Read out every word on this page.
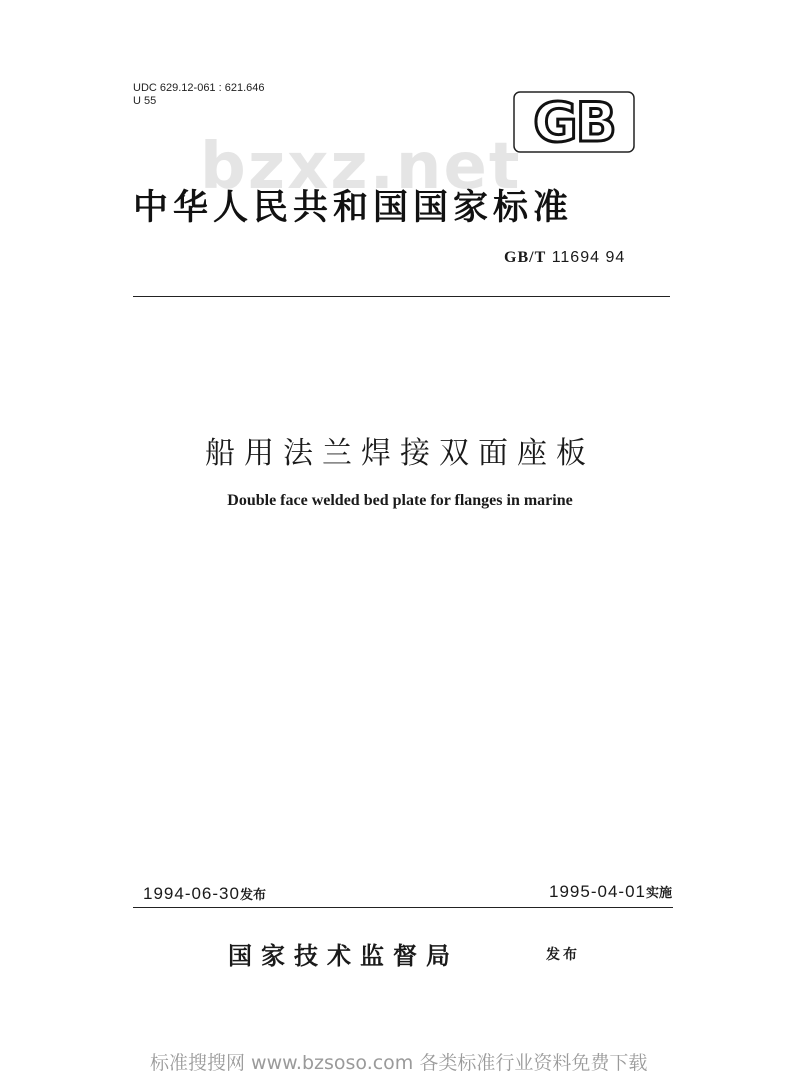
UDC 629.12-061 : 621.646
U 55	GB
bzxz.net
中华人民共和国国家标准
GB/T 11694 94
船用法兰焊接双面座板
Double face welded bed plate for flanges in marine
1994-06-30发布	1995-04-01实施
国家技术监督局	发布
标准搜搜网 www.bzsoso.com 各类标准行业资料免费下载
